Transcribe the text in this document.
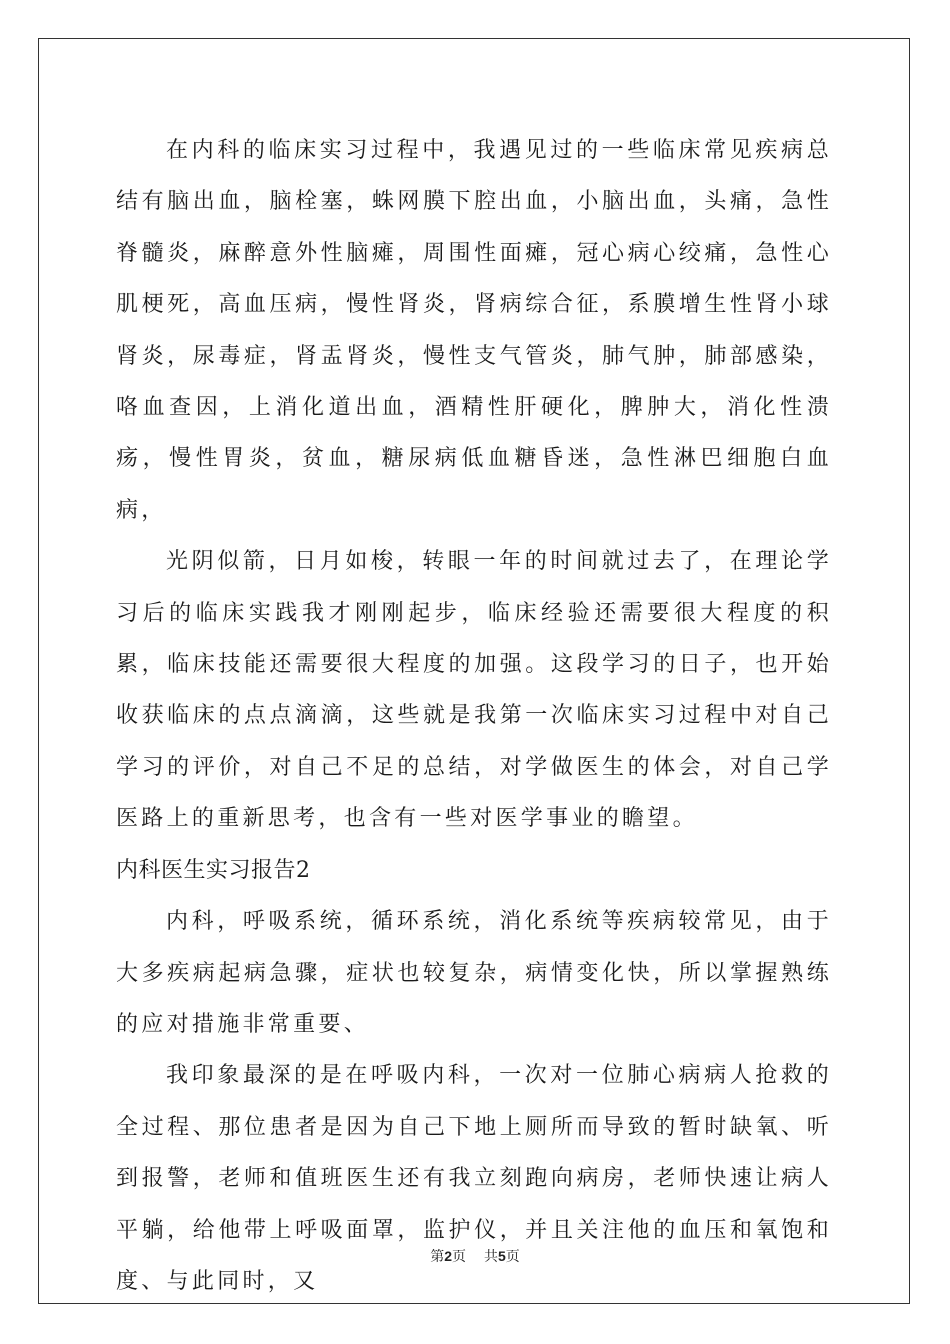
在内科的临床实习过程中，我遇见过的一些临床常见疾病总结有脑出血，脑栓塞，蛛网膜下腔出血，小脑出血，头痛，急性脊髓炎，麻醉意外性脑瘫，周围性面瘫，冠心病心绞痛，急性心肌梗死，高血压病，慢性肾炎，肾病综合征，系膜增生性肾小球肾炎，尿毒症，肾盂肾炎，慢性支气管炎，肺气肿，肺部感染，咯血查因，上消化道出血，酒精性肝硬化，脾肿大，消化性溃疡，慢性胃炎，贫血，糖尿病低血糖昏迷，急性淋巴细胞白血病，

光阴似箭，日月如梭，转眼一年的时间就过去了，在理论学习后的临床实践我才刚刚起步，临床经验还需要很大程度的积累，临床技能还需要很大程度的加强。这段学习的日子，也开始收获临床的点点滴滴，这些就是我第一次临床实习过程中对自己学习的评价，对自己不足的总结，对学做医生的体会，对自己学医路上的重新思考，也含有一些对医学事业的瞻望。

内科医生实习报告2

内科，呼吸系统，循环系统，消化系统等疾病较常见，由于大多疾病起病急骤，症状也较复杂，病情变化快，所以掌握熟练的应对措施非常重要、

我印象最深的是在呼吸内科，一次对一位肺心病病人抢救的全过程、那位患者是因为自己下地上厕所而导致的暂时缺氧、听到报警，老师和值班医生还有我立刻跑向病房，老师快速让病人平躺，给他带上呼吸面罩，监护仪，并且关注他的血压和氧饱和度、与此同时，又

第2页 共5页
